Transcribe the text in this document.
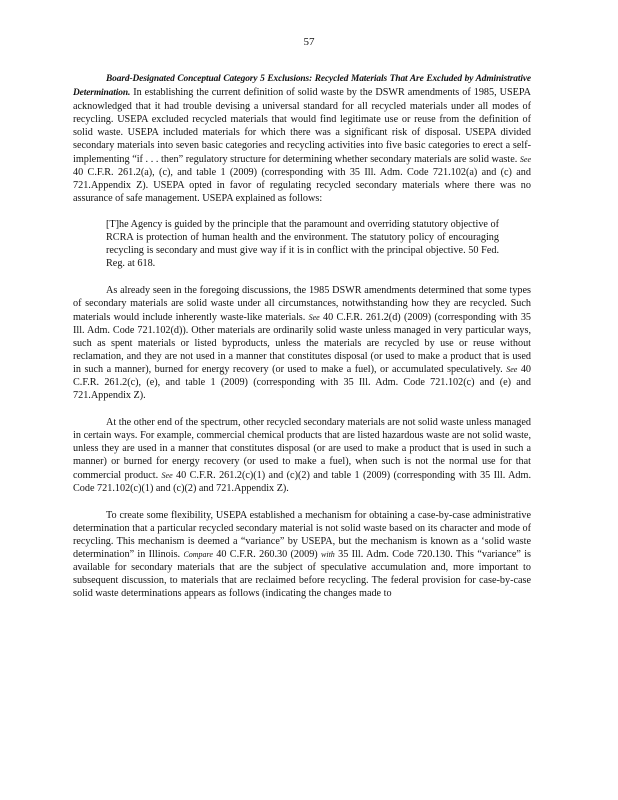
57

Board-Designated Conceptual Category 5 Exclusions: Recycled Materials That Are Excluded by Administrative Determination. In establishing the current definition of solid waste by the DSWR amendments of 1985, USEPA acknowledged that it had trouble devising a universal standard for all recycled materials under all modes of recycling. USEPA excluded recycled materials that would find legitimate use or reuse from the definition of solid waste. USEPA included materials for which there was a significant risk of disposal. USEPA divided secondary materials into seven basic categories and recycling activities into five basic categories to erect a self-implementing “if . . . then” regulatory structure for determining whether secondary materials are solid waste. See 40 C.F.R. 261.2(a), (c), and table 1 (2009) (corresponding with 35 Ill. Adm. Code 721.102(a) and (c) and 721.Appendix Z). USEPA opted in favor of regulating recycled secondary materials where there was no assurance of safe management. USEPA explained as follows:

[T]he Agency is guided by the principle that the paramount and overriding statutory objective of RCRA is protection of human health and the environment. The statutory policy of encouraging recycling is secondary and must give way if it is in conflict with the principal objective. 50 Fed. Reg. at 618.

As already seen in the foregoing discussions, the 1985 DSWR amendments determined that some types of secondary materials are solid waste under all circumstances, notwithstanding how they are recycled. Such materials would include inherently waste-like materials. See 40 C.F.R. 261.2(d) (2009) (corresponding with 35 Ill. Adm. Code 721.102(d)). Other materials are ordinarily solid waste unless managed in very particular ways, such as spent materials or listed byproducts, unless the materials are recycled by use or reuse without reclamation, and they are not used in a manner that constitutes disposal (or used to make a product that is used in such a manner), burned for energy recovery (or used to make a fuel), or accumulated speculatively. See 40 C.F.R. 261.2(c), (e), and table 1 (2009) (corresponding with 35 Ill. Adm. Code 721.102(c) and (e) and 721.Appendix Z).

At the other end of the spectrum, other recycled secondary materials are not solid waste unless managed in certain ways. For example, commercial chemical products that are listed hazardous waste are not solid waste, unless they are used in a manner that constitutes disposal (or are used to make a product that is used in such a manner) or burned for energy recovery (or used to make a fuel), when such is not the normal use for that commercial product. See 40 C.F.R. 261.2(c)(1) and (c)(2) and table 1 (2009) (corresponding with 35 Ill. Adm. Code 721.102(c)(1) and (c)(2) and 721.Appendix Z).

To create some flexibility, USEPA established a mechanism for obtaining a case-by-case administrative determination that a particular recycled secondary material is not solid waste based on its character and mode of recycling. This mechanism is deemed a “variance” by USEPA, but the mechanism is known as a ‘solid waste determination” in Illinois. Compare 40 C.F.R. 260.30 (2009) with 35 Ill. Adm. Code 720.130. This “variance” is available for secondary materials that are the subject of speculative accumulation and, more important to subsequent discussion, to materials that are reclaimed before recycling. The federal provision for case-by-case solid waste determinations appears as follows (indicating the changes made to
